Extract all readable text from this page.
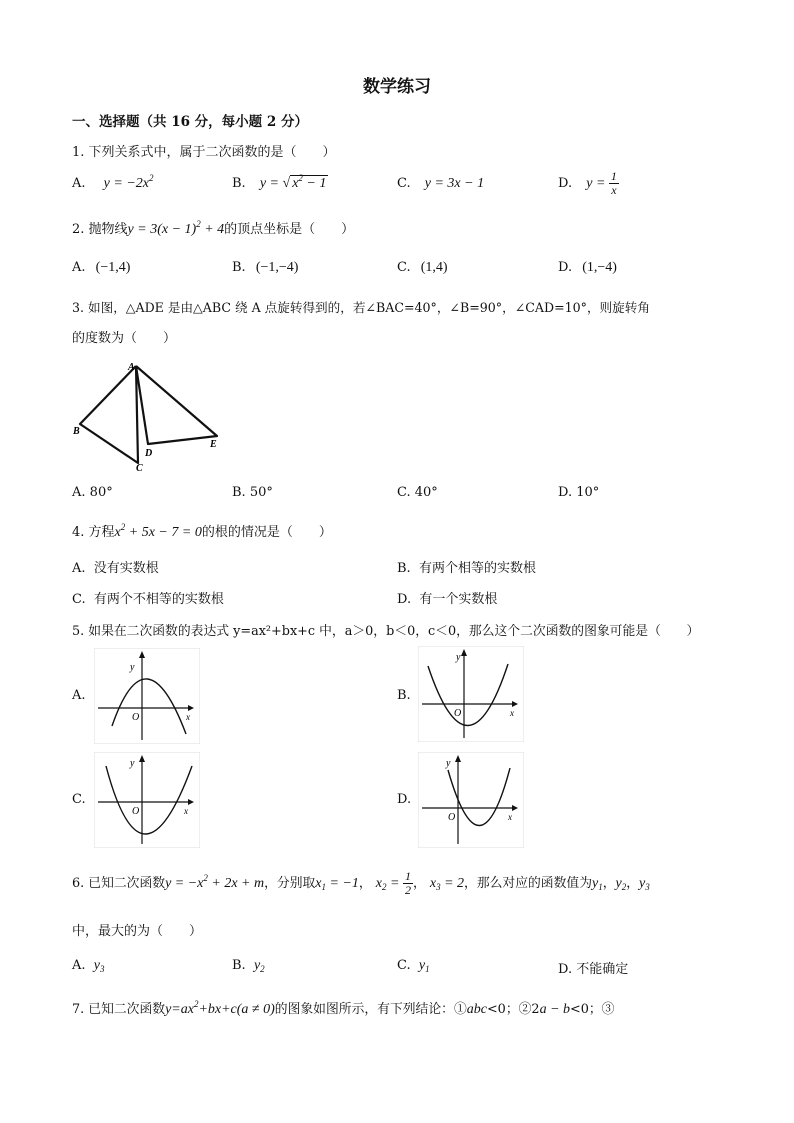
数学练习
一、选择题（共 16 分，每小题 2 分）
1. 下列关系式中，属于二次函数的是（　　）
A. $y = -2x^2$	B. y = √ $x^2 - 1$	C. y = 3x − 1	D. $y = \frac{1}{x}$
2. 抛物线$y = 3(x - 1)^2 + 4$的顶点坐标是（　　）
A. (−1,4)	B. (−1,−4)	C. (1,4)	D. (1,−4)
3. 如图，△ADE 是由△ABC 绕 A 点旋转得到的，若∠BAC=40°，∠B=90°，∠CAD=10°，则旋转角
的度数为（　　）
A
B
C
D
E
A. 80°	B. 50°	C. 40°	D. 10°
4. 方程$x^2 + 5x - 7 = 0$的根的情况是（　　）
A. 没有实数根	B. 有两个相等的实数根
C. 有两个不相等的实数根	D. 有一个实数根
5. 如果在二次函数的表达式 y=ax²+bx+c 中，a＞0，b＜0，c＜0，那么这个二次函数的图象可能是（　　）
A.
y
O	x
B.
y
O	x
C.
y
O	x
D.
y
O	x
6. 已知二次函数$y = -x^2 + 2x + m$，分别取$x_1 = -1$， $x_2 = \frac{1}{2}$ ， $x_3 = 2$，那么对应的函数值为$y_1$，$y_2$，$y_3$
中，最大的为（　　）
A. $y_3$	B. $y_2$	C. $y_1$	D. 不能确定
7. 已知二次函数$y=ax^2+bx+c(a \ne 0)$的图象如图所示，有下列结论：①abc<0；②2a − b<0；③
